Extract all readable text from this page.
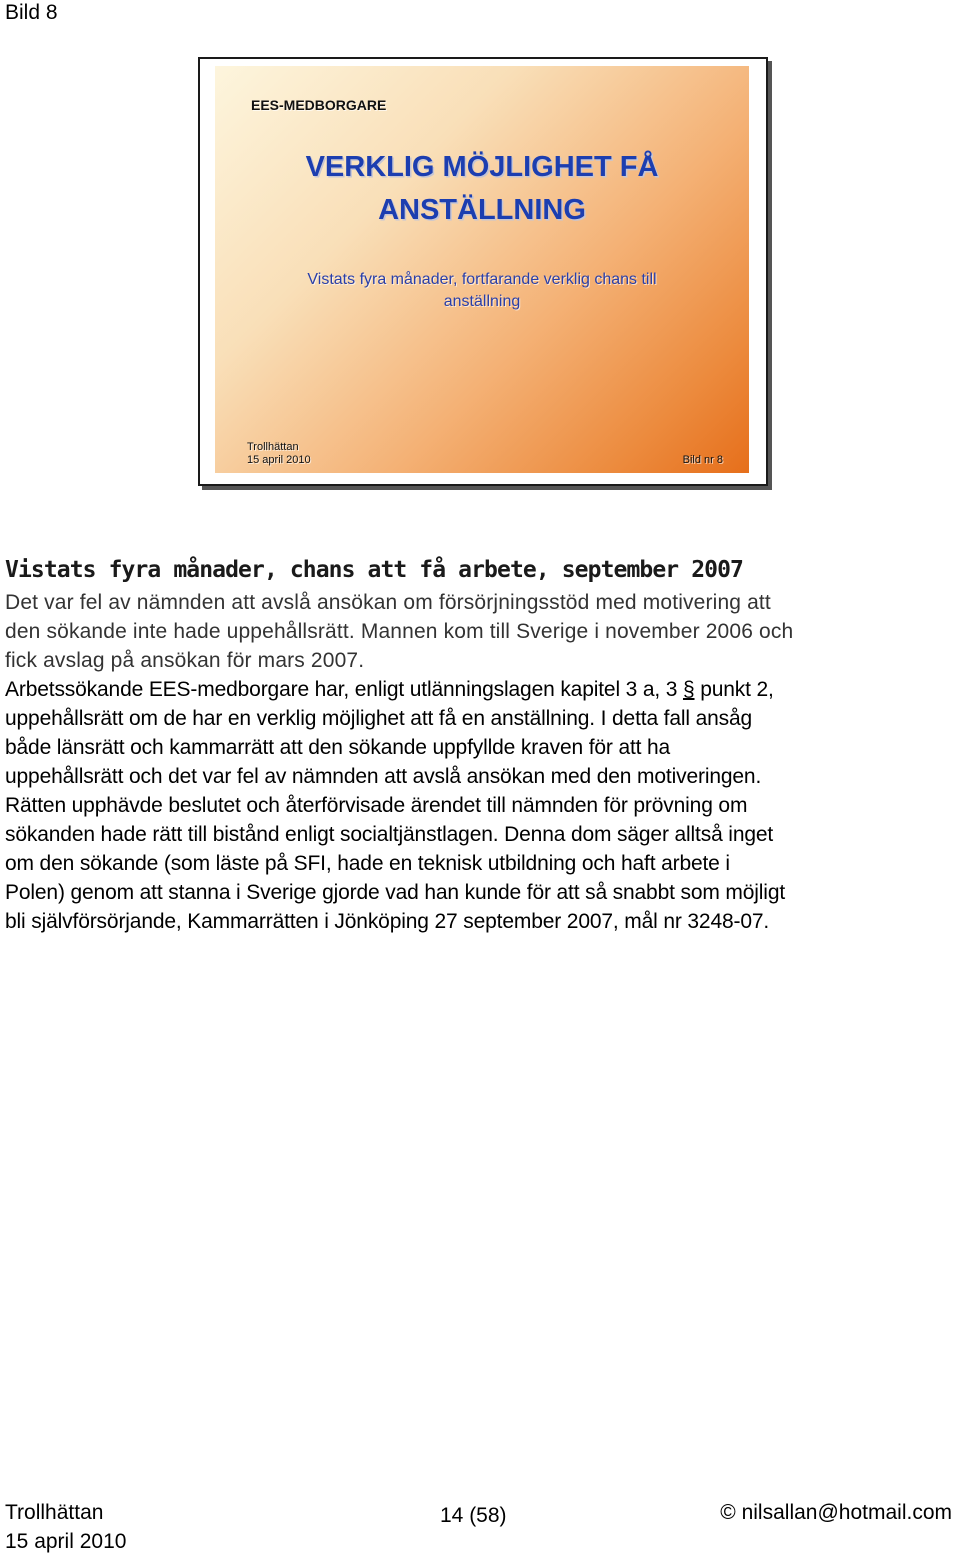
Bild 8
EES-MEDBORGARE
VERKLIG MÖJLIGHET FÅ ANSTÄLLNING
Vistats fyra månader, fortfarande verklig chans till anställning
Trollhättan
15 april 2010	Bild nr 8
Vistats fyra månader, chans att få arbete, september 2007

Det var fel av nämnden att avslå ansökan om försörjningsstöd med motivering att
den sökande inte hade uppehållsrätt. Mannen kom till Sverige i november 2006 och
fick avslag på ansökan för mars 2007.
Arbetssökande EES-medborgare har, enligt utlänningslagen kapitel 3 a, 3 § punkt 2,
uppehållsrätt om de har en verklig möjlighet att få en anställning. I detta fall ansåg
både länsrätt och kammarrätt att den sökande uppfyllde kraven för att ha
uppehållsrätt och det var fel av nämnden att avslå ansökan med den motiveringen.
Rätten upphävde beslutet och återförvisade ärendet till nämnden för prövning om
sökanden hade rätt till bistånd enligt socialtjänstlagen. Denna dom säger alltså inget
om den sökande (som läste på SFI, hade en teknisk utbildning och haft arbete i
Polen) genom att stanna i Sverige gjorde vad han kunde för att så snabbt som möjligt
bli självförsörjande, Kammarrätten i Jönköping 27 september 2007, mål nr 3248-07.

Trollhättan
15 april 2010
14 (58)	© nilsallan@hotmail.com
